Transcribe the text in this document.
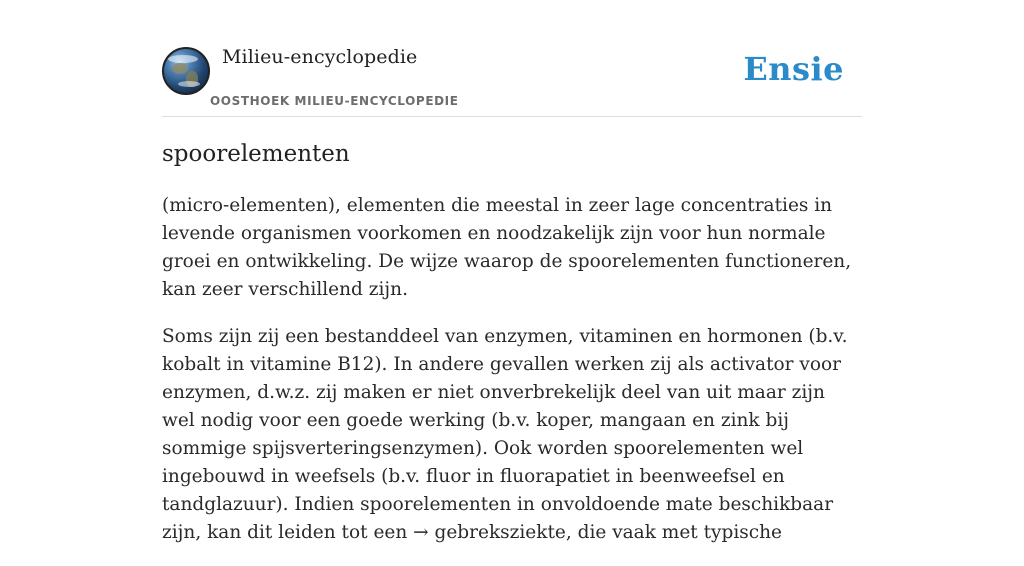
Milieu-encyclopedie
OOSTHOEK MILIEU-ENCYCLOPEDIE
Ensie
spoorelementen

(micro-elementen), elementen die meestal in zeer lage concentraties in levende organismen voorkomen en noodzakelijk zijn voor hun normale groei en ontwikkeling. De wijze waarop de spoorelementen functioneren, kan zeer verschillend zijn.

Soms zijn zij een bestanddeel van enzymen, vitaminen en hormonen (b.v. kobalt in vitamine B12). In andere gevallen werken zij als activator voor enzymen, d.w.z. zij maken er niet onverbrekelijk deel van uit maar zijn wel nodig voor een goede werking (b.v. koper, mangaan en zink bij sommige spijsverteringsenzymen). Ook worden spoorelementen wel ingebouwd in weefsels (b.v. fluor in fluorapatiet in beenweefsel en tandglazuur). Indien spoorelementen in onvoldoende mate beschikbaar zijn, kan dit leiden tot een → gebreksziekte, die vaak met typische
